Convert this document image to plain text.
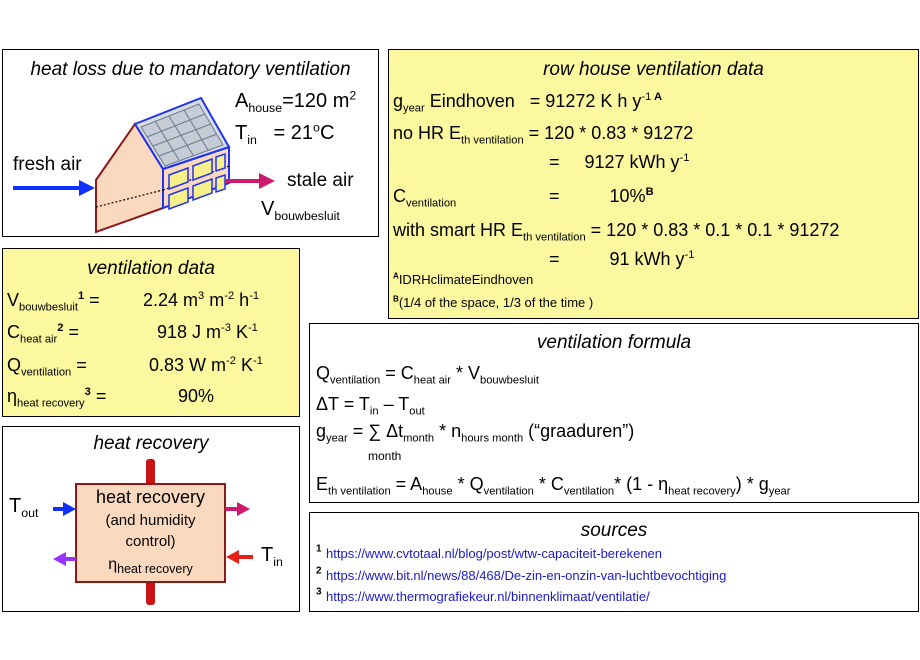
heat loss due to mandatory ventilation
$A_{house}=120$ $m^2$
$T_{in} = 21^oC$
fresh air
stale air
$V_{bouwbesluit}$
row house ventilation data
$g_{year}$ Eindhoven   = 91272 K h $y^{-1}$ $^A$
no HR $E_{th ventilation} = 120 * 0.83 * 91272$
=     9127 kWh $y^{-1}$
$C_{ventilation}$	=          10%$^B$
with smart HR $E_{th ventilation} = 120 * 0.83 * 0.1 * 0.1 * 91272$
=          91 kWh $y^{-1}$
$^A$IDRHclimateEindhoven
$^B$(1/4 of the space, 1/3 of the time )
ventilation data
$V_{bouwbesluit}^1 = 2.24$ $m^3$ $m^{-2}$ $h^{-1}$
$C_{heat air}^2$ =	918 J $m^{-3}$ $K^{-1}$
$Q_{ventilation}$ =	0.83 W $m^{-2}$ $K^{-1}$
$\eta_{heat recovery}^3$ =	90%
ventilation formula
$Q_{ventilation} = C_{heat air} * V_{bouwbesluit}$
$\Delta T = T_{in} - T_{out}$
$g_{year}$ = ∑ $\Delta t_{month} * n_{hours month}$ (“graaduren”)
month
$E_{th ventilation} = A_{house} * Q_{ventilation} * C_{ventilation}*$ $(1 - \eta_{heat recovery}) * g_{year}$
heat recovery
heat recovery
(and humidity
control)
$\eta_{heat recovery}$
$T_{out}$
$T_{in}$
sources
$^1$ https://www.cvtotaal.nl/blog/post/wtw-capaciteit-berekenen
$^2$ https://www.bit.nl/news/88/468/De-zin-en-onzin-van-luchtbevochtiging
$^3$ https://www.thermografiekeur.nl/binnenklimaat/ventilatie/
